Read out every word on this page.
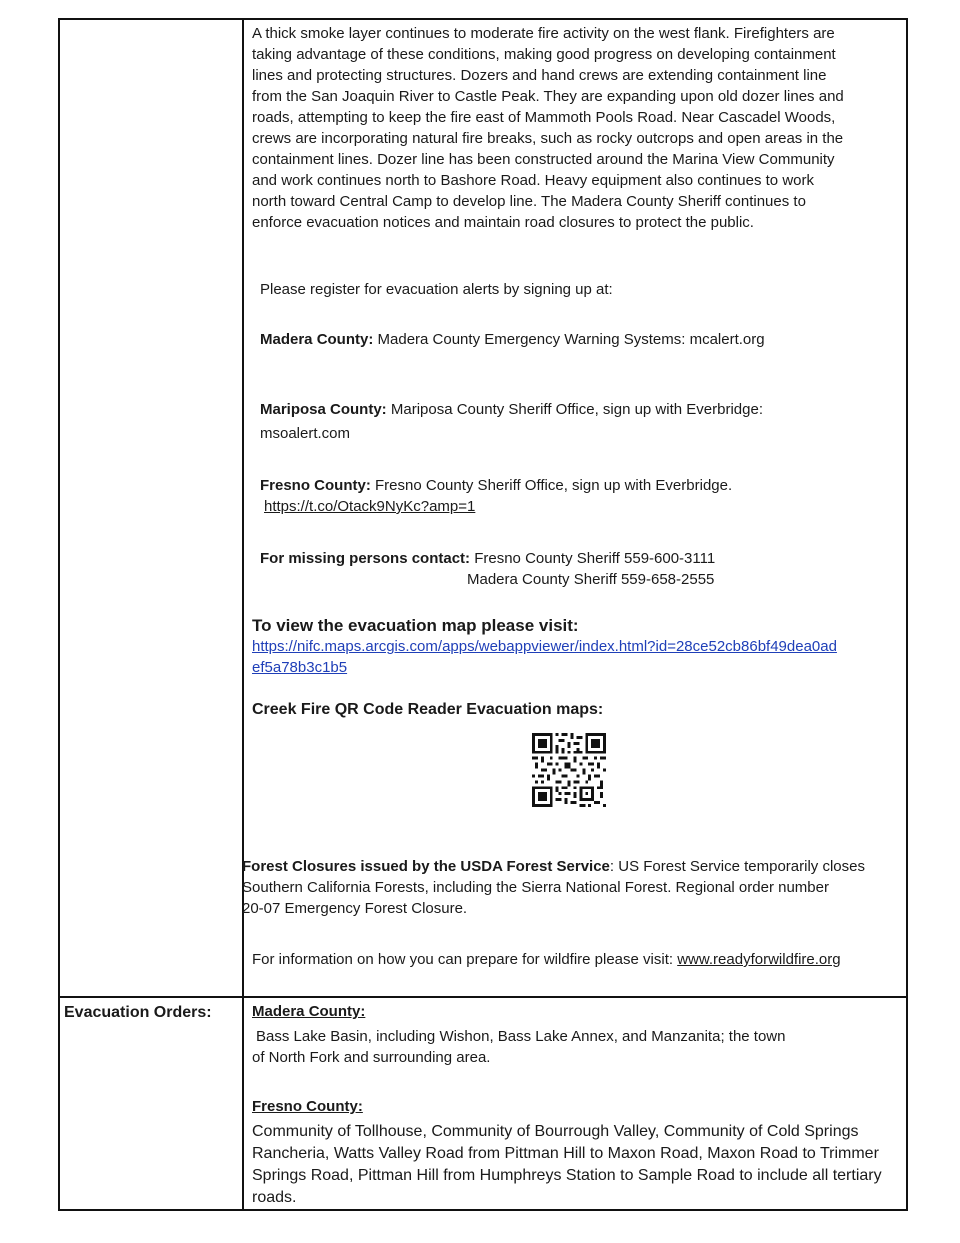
A thick smoke layer continues to moderate fire activity on the west flank. Firefighters are
taking advantage of these conditions, making good progress on developing containment
lines and protecting structures. Dozers and hand crews are extending containment line
from the San Joaquin River to Castle Peak. They are expanding upon old dozer lines and
roads, attempting to keep the fire east of Mammoth Pools Road. Near Cascadel Woods,
crews are incorporating natural fire breaks, such as rocky outcrops and open areas in the
containment lines. Dozer line has been constructed around the Marina View Community
and work continues north to Bashore Road. Heavy equipment also continues to work
north toward Central Camp to develop line. The Madera County Sheriff continues to
enforce evacuation notices and maintain road closures to protect the public.
Please register for evacuation alerts by signing up at:
Madera County: Madera County Emergency Warning Systems: mcalert.org
Mariposa County: Mariposa County Sheriff Office, sign up with Everbridge:
msoalert.com
Fresno County: Fresno County Sheriff Office, sign up with Everbridge.
https://t.co/Otack9NyKc?amp=1
For missing persons contact: Fresno County Sheriff 559-600-3111
Madera County Sheriff 559-658-2555
To view the evacuation map please visit:
https://nifc.maps.arcgis.com/apps/webappviewer/index.html?id=28ce52cb86bf49dea0ad
ef5a78b3c1b5
Creek Fire QR Code Reader Evacuation maps:
Forest Closures issued by the USDA Forest Service: US Forest Service temporarily closes
Southern California Forests, including the Sierra National Forest. Regional order number
20-07 Emergency Forest Closure.
For information on how you can prepare for wildfire please visit: www.readyforwildfire.org
Evacuation Orders:	Madera County:
Bass Lake Basin, including Wishon, Bass Lake Annex, and Manzanita; the town
of North Fork and surrounding area.
Fresno County:
Community of Tollhouse, Community of Bourrough Valley, Community of Cold Springs
Rancheria, Watts Valley Road from Pittman Hill to Maxon Road, Maxon Road to Trimmer
Springs Road, Pittman Hill from Humphreys Station to Sample Road to include all tertiary
roads.
